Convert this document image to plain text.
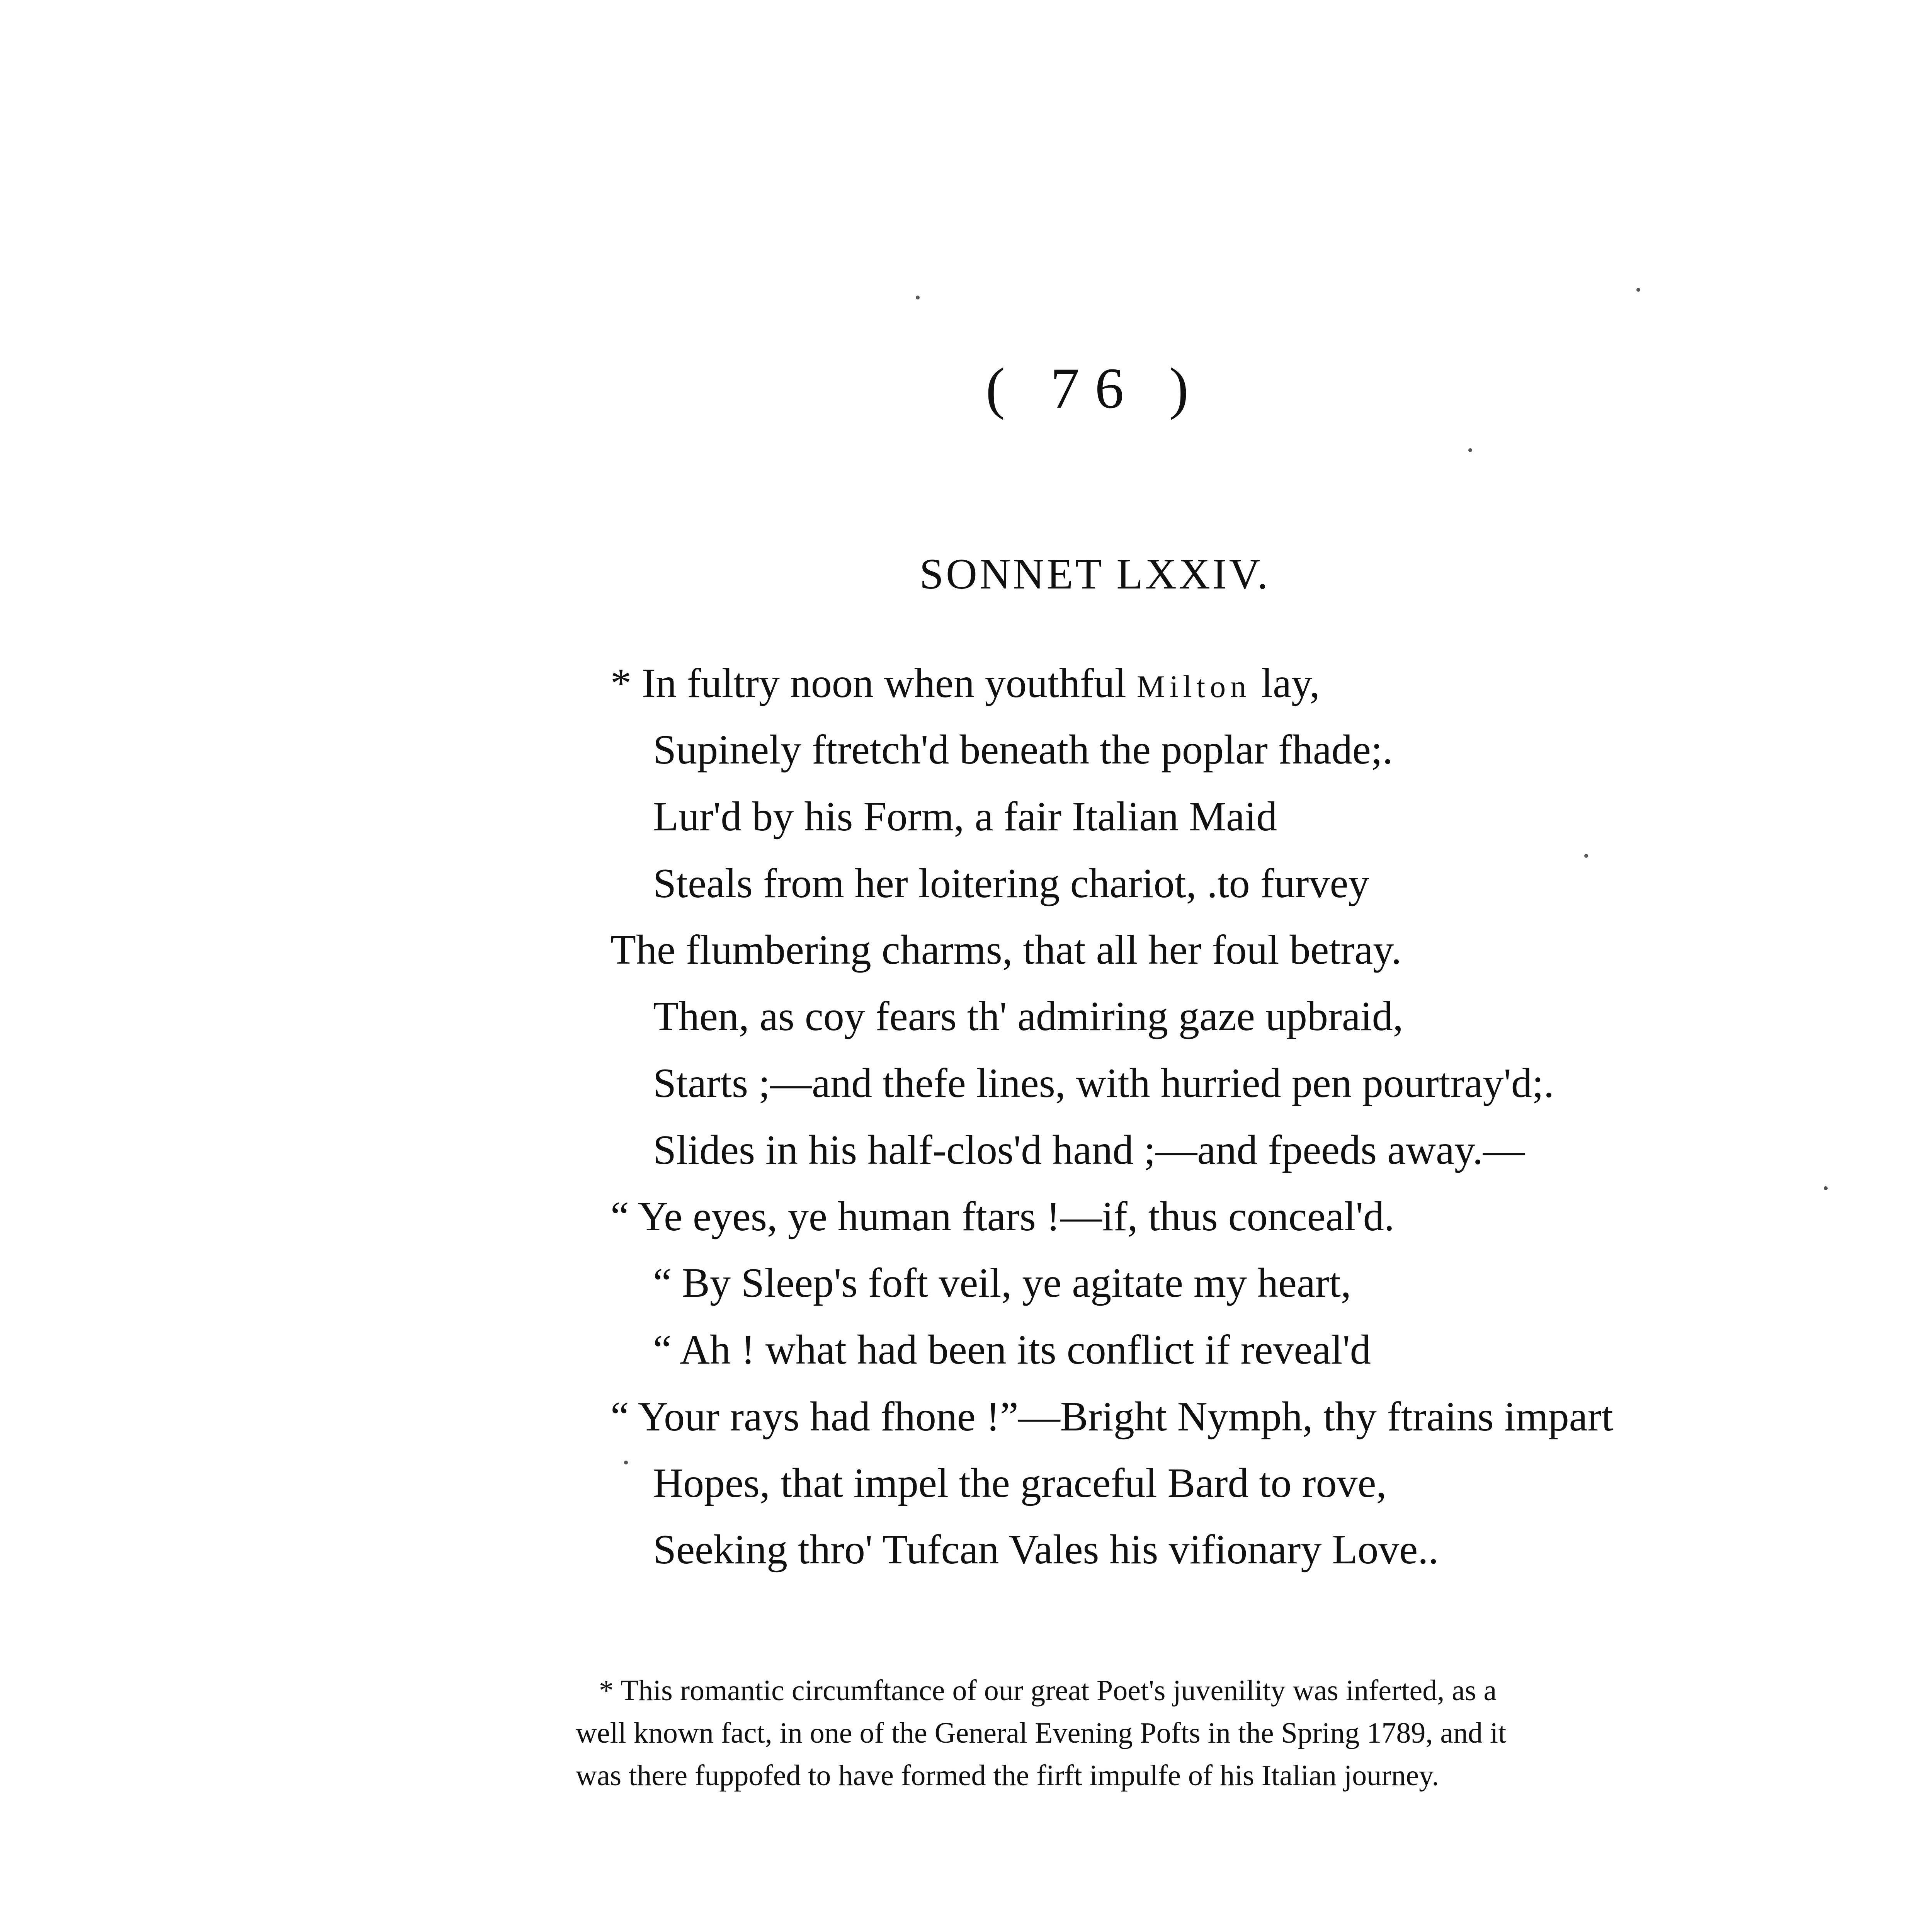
( 76 )
SONNET LXXIV.
* In fultry noon when youthful Milton lay,
Supinely ftretch'd beneath the poplar fhade;.
Lur'd by his Form, a fair Italian Maid
Steals from her loitering chariot, .to furvey
The flumbering charms, that all her foul betray.
Then, as coy fears th' admiring gaze upbraid,
Starts ;—and thefe lines, with hurried pen pourtray'd;.
Slides in his half-clos'd hand ;—and fpeeds away.—
“ Ye eyes, ye human ftars !—if, thus conceal'd.
“ By Sleep's foft veil, ye agitate my heart,
“ Ah ! what had been its conflict if reveal'd
“ Your rays had fhone !”—Bright Nymph, thy ftrains impart
Hopes, that impel the graceful Bard to rove,
Seeking thro' Tufcan Vales his vifionary Love..
* This romantic circumftance of our great Poet's juvenility was inferted, as a
well known fact, in one of the General Evening Pofts in the Spring 1789, and it
was there fuppofed to have formed the firft impulfe of his Italian journey.
